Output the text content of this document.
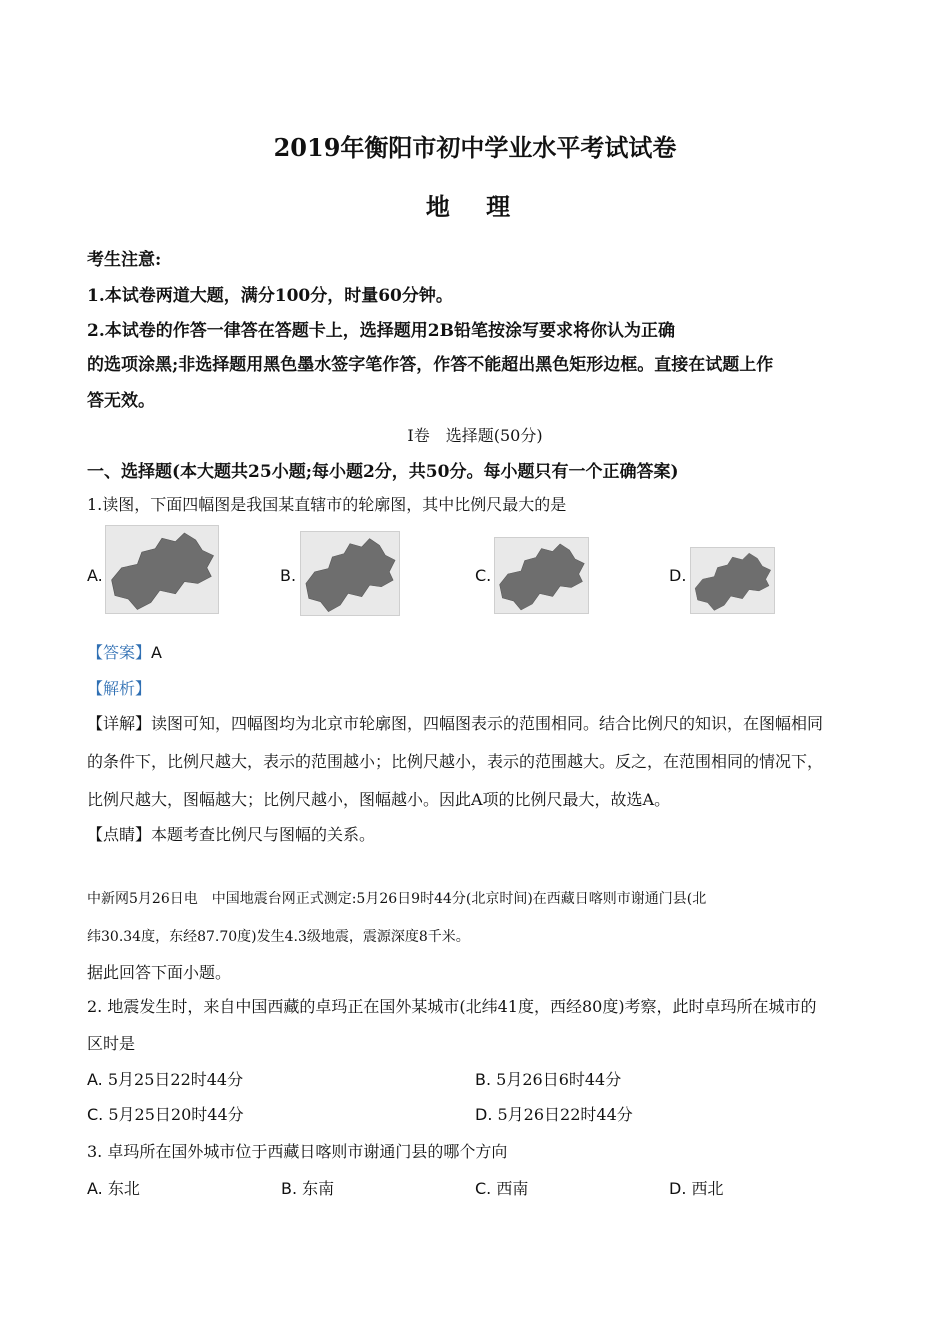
2019年衡阳市初中学业水平考试试卷
地 理
考生注意:
1.本试卷两道大题，满分100分，时量60分钟。
2.本试卷的作答一律答在答题卡上，选择题用2B铅笔按涂写要求将你认为正确
的选项涂黑;非选择题用黑色墨水签字笔作答，作答不能超出黑色矩形边框。直接在试题上作
答无效。
I卷　选择题(50分)
一、选择题(本大题共25小题;每小题2分，共50分。每小题只有一个正确答案)
1.读图，下面四幅图是我国某直辖市的轮廓图，其中比例尺最大的是
A.	B.	C.	D.
【答案】A
【解析】
【详解】读图可知，四幅图均为北京市轮廓图，四幅图表示的范围相同。结合比例尺的知识，在图幅相同
的条件下，比例尺越大，表示的范围越小；比例尺越小，表示的范围越大。反之，在范围相同的情况下，
比例尺越大，图幅越大；比例尺越小，图幅越小。因此A项的比例尺最大，故选A。
【点睛】本题考查比例尺与图幅的关系。
中新网5月26日电　中国地震台网正式测定:5月26日9时44分(北京时间)在西藏日喀则市谢通门县(北
纬30.34度，东经87.70度)发生4.3级地震，震源深度8千米。
据此回答下面小题。
2. 地震发生时，来自中国西藏的卓玛正在国外某城市(北纬41度，西经80度)考察，此时卓玛所在城市的
区时是
A. 5月25日22时44分	B. 5月26日6时44分
C. 5月25日20时44分	D. 5月26日22时44分
3. 卓玛所在国外城市位于西藏日喀则市谢通门县的哪个方向
A. 东北	B. 东南	C. 西南	D. 西北
